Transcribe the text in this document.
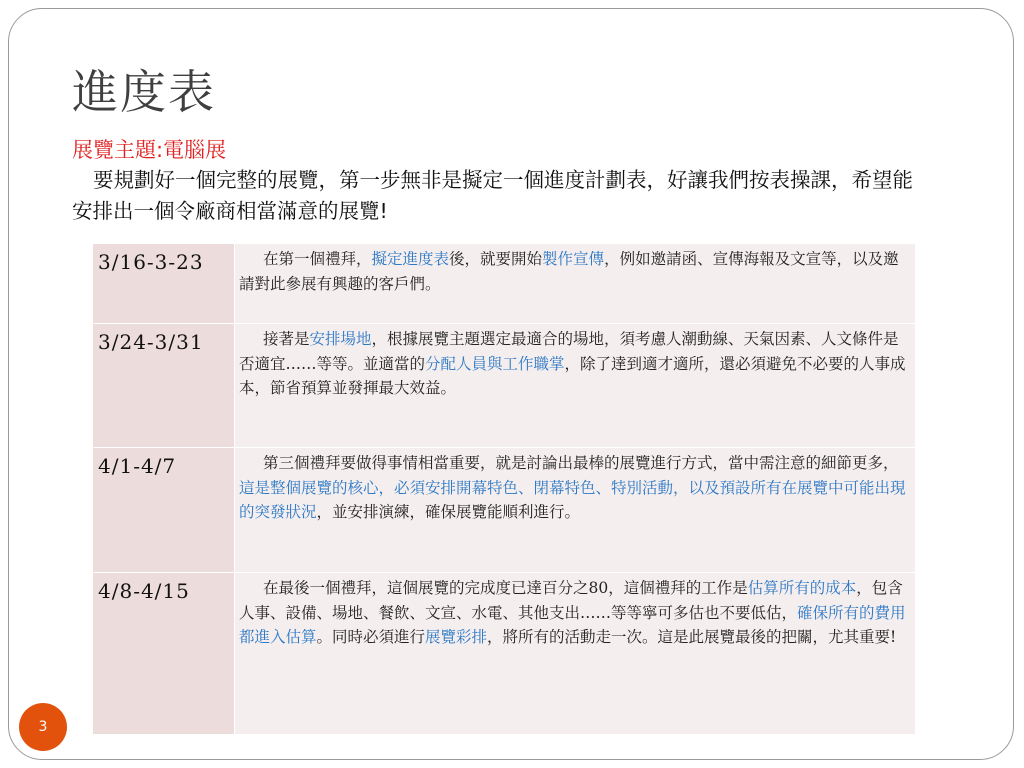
進度表
展覽主題:電腦展
要規劃好一個完整的展覽，第一步無非是擬定一個進度計劃表，好讓我們按表操課，希望能安排出一個令廠商相當滿意的展覽!
3/16-3-23	在第一個禮拜，擬定進度表後，就要開始製作宣傳，例如邀請函、宣傳海報及文宣等，以及邀請對此參展有興趣的客戶們。
3/24-3/31	接著是安排場地，根據展覽主題選定最適合的場地，須考慮人潮動線、天氣因素、人文條件是否適宜……等等。並適當的分配人員與工作職掌，除了達到適才適所，還必須避免不必要的人事成本，節省預算並發揮最大效益。
4/1-4/7	第三個禮拜要做得事情相當重要，就是討論出最棒的展覽進行方式，當中需注意的細節更多，這是整個展覽的核心，必須安排開幕特色、閉幕特色、特別活動，以及預設所有在展覽中可能出現的突發狀況，並安排演練，確保展覽能順利進行。
4/8-4/15	在最後一個禮拜，這個展覽的完成度已達百分之80，這個禮拜的工作是估算所有的成本，包含人事、設備、場地、餐飲、文宣、水電、其他支出……等等寧可多估也不要低估，確保所有的費用都進入估算。同時必須進行展覽彩排，將所有的活動走一次。這是此展覽最後的把關，尤其重要!
3
